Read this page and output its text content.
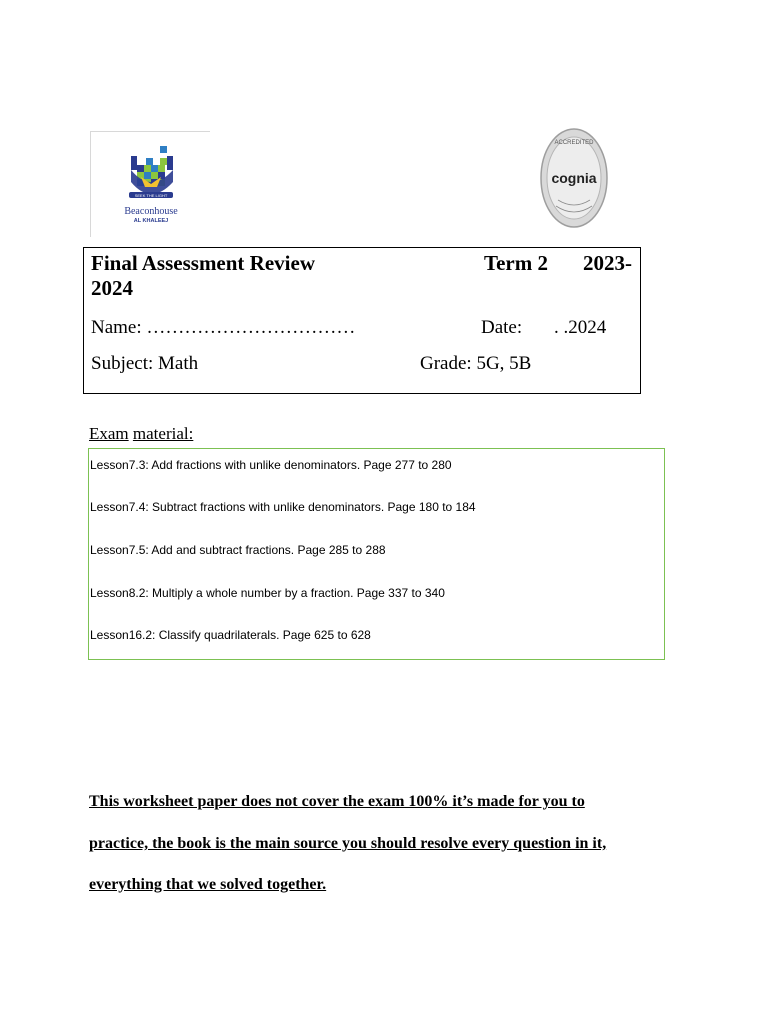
SEEK THE LIGHT
Beaconhouse
AL KHALEEJ
ACCREDITED
cognia
Final Assessment Review	Term 2 2023-
2024
Name: ……………………………	Date: . .2024
Subject: Math	Grade: 5G, 5B
Exam material:
Lesson7.3: Add fractions with unlike denominators. Page 277 to 280
Lesson7.4: Subtract fractions with unlike denominators. Page 180 to 184
Lesson7.5: Add and subtract fractions. Page 285 to 288
Lesson8.2: Multiply a whole number by a fraction. Page 337 to 340
Lesson16.2: Classify quadrilaterals. Page 625 to 628
This worksheet paper does not cover the exam 100% it’s made for you to
practice, the book is the main source you should resolve every question in it,
everything that we solved together.
